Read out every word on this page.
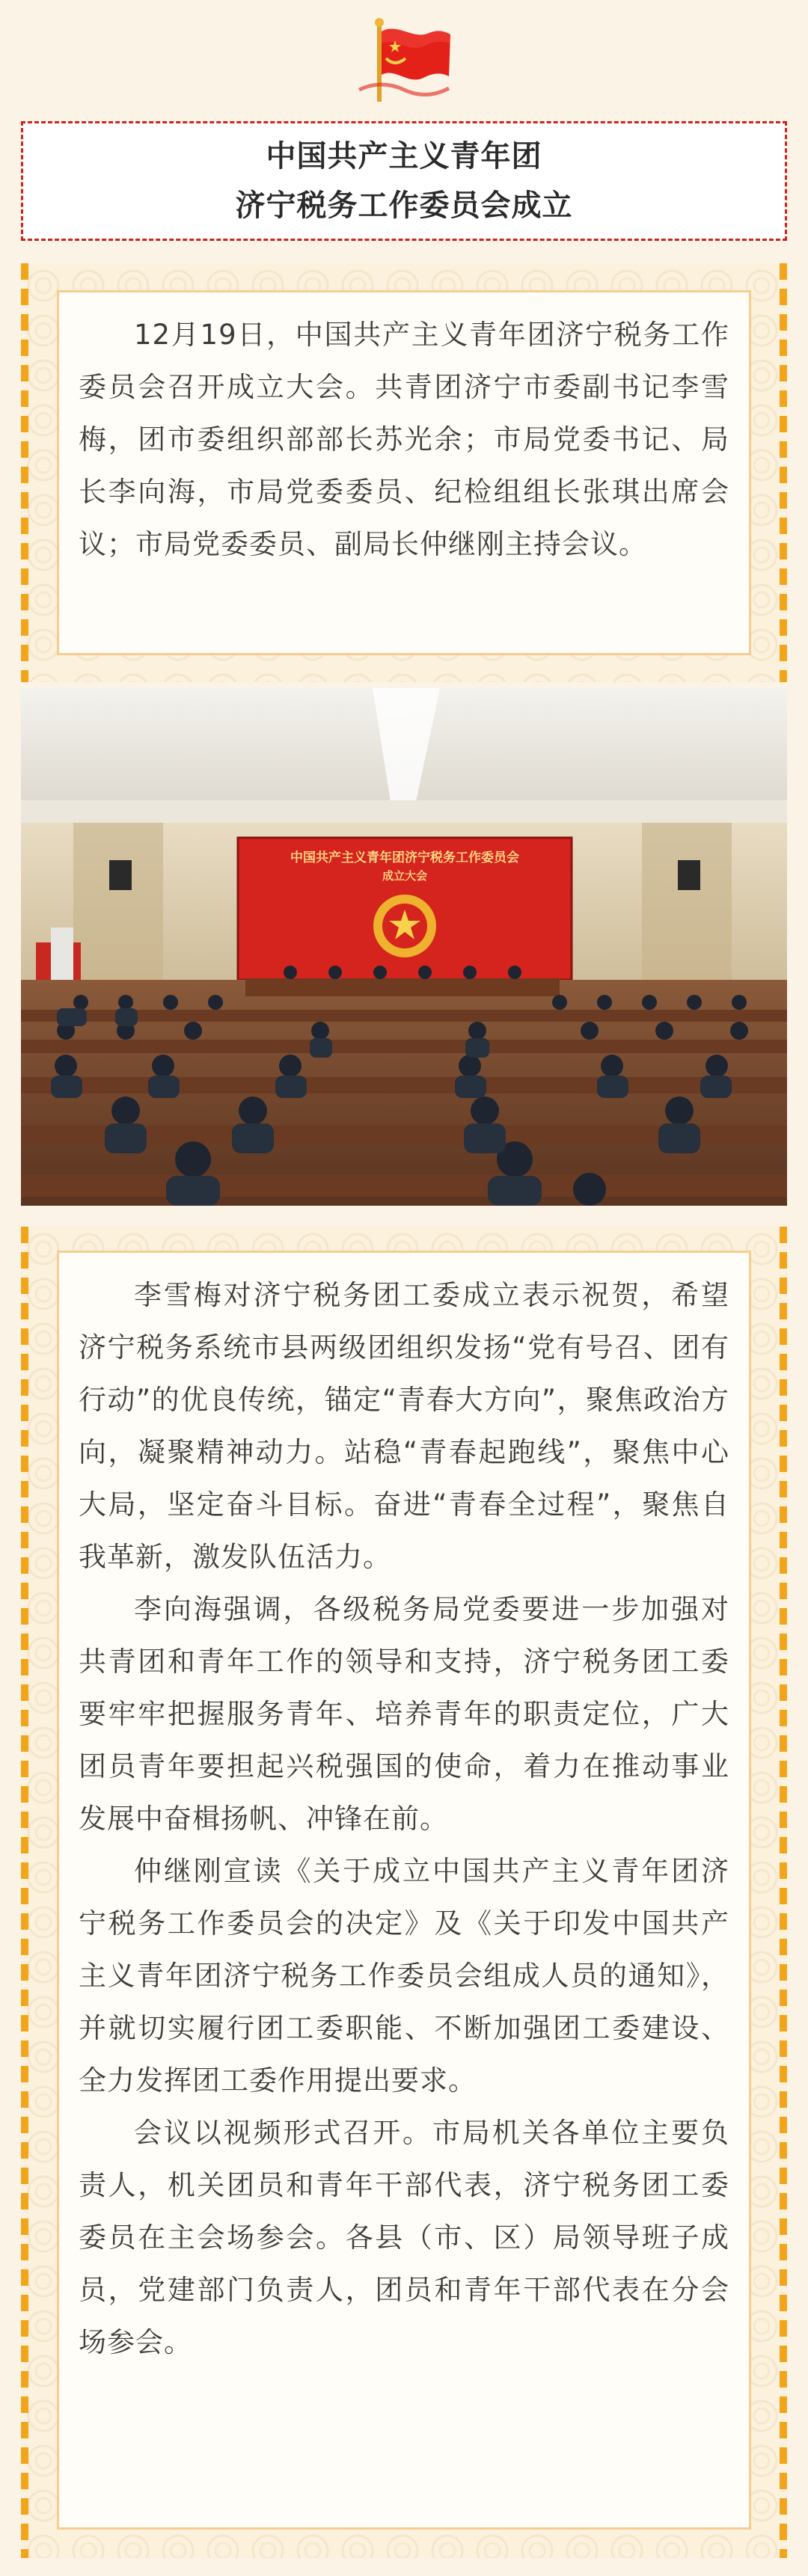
中国共产主义青年团
济宁税务工作委员会成立

12月19日，中国共产主义青年团济宁税务工作委员会召开成立大会。共青团济宁市委副书记李雪梅，团市委组织部部长苏光余；市局党委书记、局长李向海，市局党委委员、纪检组组长张琪出席会议；市局党委委员、副局长仲继刚主持会议。

中国共产主义青年团济宁税务工作委员会
成立大会

李雪梅对济宁税务团工委成立表示祝贺，希望济宁税务系统市县两级团组织发扬“党有号召、团有行动”的优良传统，锚定“青春大方向”，聚焦政治方向，凝聚精神动力。站稳“青春起跑线”，聚焦中心大局，坚定奋斗目标。奋进“青春全过程”，聚焦自我革新，激发队伍活力。

李向海强调，各级税务局党委要进一步加强对共青团和青年工作的领导和支持，济宁税务团工委要牢牢把握服务青年、培养青年的职责定位，广大团员青年要担起兴税强国的使命，着力在推动事业发展中奋楫扬帆、冲锋在前。

仲继刚宣读《关于成立中国共产主义青年团济宁税务工作委员会的决定》及《关于印发中国共产主义青年团济宁税务工作委员会组成人员的通知》，并就切实履行团工委职能、不断加强团工委建设、全力发挥团工委作用提出要求。

会议以视频形式召开。市局机关各单位主要负责人，机关团员和青年干部代表，济宁税务团工委委员在主会场参会。各县（市、区）局领导班子成员，党建部门负责人，团员和青年干部代表在分会场参会。
